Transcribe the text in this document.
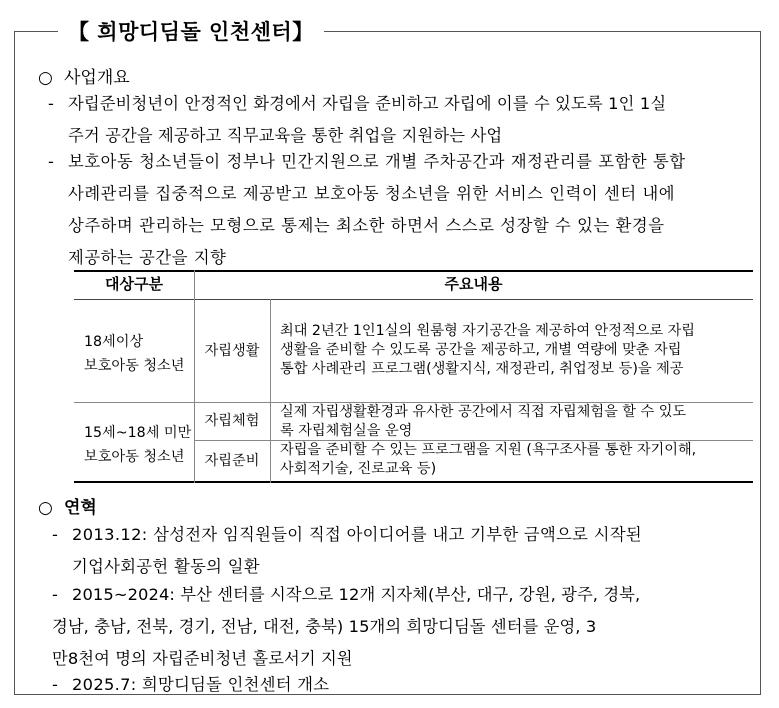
【 희망디딤돌 인천센터】
○ 사업개요
- 자립준비청년이 안정적인 화경에서 자립을 준비하고 자립에 이를 수 있도록 1인 1실
주거 공간을 제공하고 직무교육을 통한 취업을 지원하는 사업
- 보호아동 청소년들이 정부나 민간지원으로 개별 주차공간과 재정관리를 포함한 통합
사례관리를 집중적으로 제공받고 보호아동 청소년을 위한 서비스 인력이 센터 내에
상주하며 관리하는 모형으로 통제는 최소한 하면서 스스로 성장할 수 있는 환경을
제공하는 공간을 지향
대상구분	주요내용
18세이상
보호아동 청소년
자립생활
최대 2년간 1인1실의 원룸형 자기공간을 제공하여 안정적으로 자립
생활을 준비할 수 있도록 공간을 제공하고, 개별 역량에 맞춘 자립
통합 사례관리 프로그램(생활지식, 재정관리, 취업정보 등)을 제공
15세~18세 미만
보호아동 청소년
자립체험
실제 자립생활환경과 유사한 공간에서 직접 자립체험을 할 수 있도
록 자립체험실을 운영
자립준비
자립을 준비할 수 있는 프로그램을 지원 (욕구조사를 통한 자기이해,
사회적기술, 진로교육 등)
○ 연혁
- 2013.12: 삼성전자 임직원들이 직접 아이디어를 내고 기부한 금액으로 시작된
기업사회공헌 활동의 일환
- 2015~2024: 부산 센터를 시작으로 12개 지자체(부산, 대구, 강원, 광주, 경북,
경남, 충남, 전북, 경기, 전남, 대전, 충북) 15개의 희망디딤돌 센터를 운영, 3
만8천여 명의 자립준비청년 홀로서기 지원
- 2025.7: 희망디딤돌 인천센터 개소
